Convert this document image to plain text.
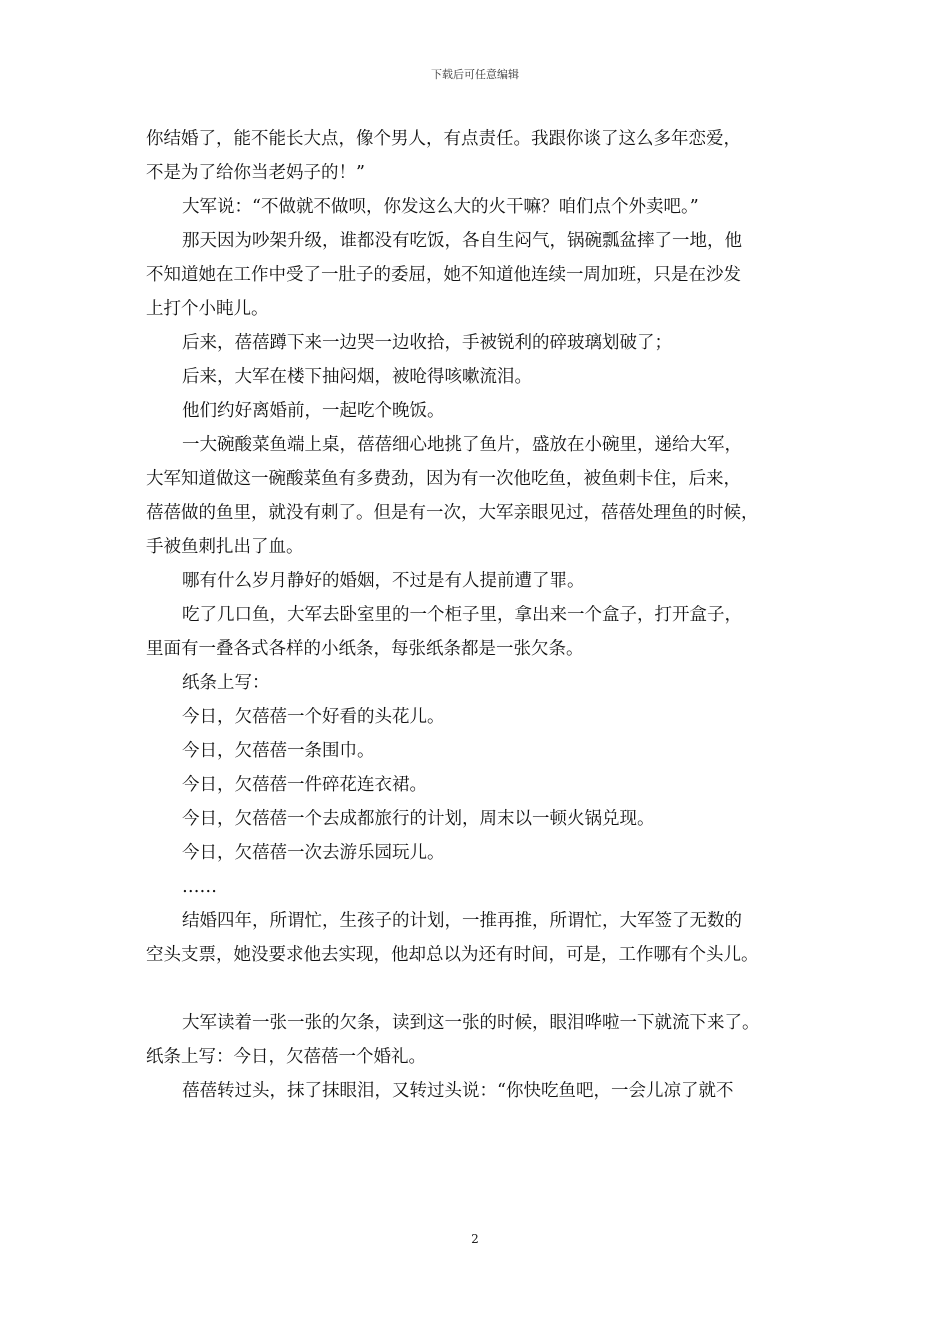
下载后可任意编辑

你结婚了，能不能长大点，像个男人，有点责任。我跟你谈了这么多年恋爱，

不是为了给你当老妈子的！”

大军说：“不做就不做呗，你发这么大的火干嘛？咱们点个外卖吧。”

那天因为吵架升级，谁都没有吃饭，各自生闷气，锅碗瓢盆摔了一地，他

不知道她在工作中受了一肚子的委屈，她不知道他连续一周加班，只是在沙发

上打个小盹儿。

后来，蓓蓓蹲下来一边哭一边收拾，手被锐利的碎玻璃划破了；

后来，大军在楼下抽闷烟，被呛得咳嗽流泪。

他们约好离婚前，一起吃个晚饭。

一大碗酸菜鱼端上桌，蓓蓓细心地挑了鱼片，盛放在小碗里，递给大军，

大军知道做这一碗酸菜鱼有多费劲，因为有一次他吃鱼，被鱼刺卡住，后来，

蓓蓓做的鱼里，就没有刺了。但是有一次，大军亲眼见过，蓓蓓处理鱼的时候，

手被鱼刺扎出了血。

哪有什么岁月静好的婚姻，不过是有人提前遭了罪。

吃了几口鱼，大军去卧室里的一个柜子里，拿出来一个盒子，打开盒子，

里面有一叠各式各样的小纸条，每张纸条都是一张欠条。

纸条上写：

今日，欠蓓蓓一个好看的头花儿。

今日，欠蓓蓓一条围巾。

今日，欠蓓蓓一件碎花连衣裙。

今日，欠蓓蓓一个去成都旅行的计划，周末以一顿火锅兑现。

今日，欠蓓蓓一次去游乐园玩儿。

……

结婚四年，所谓忙，生孩子的计划，一推再推，所谓忙，大军签了无数的

空头支票，她没要求他去实现，他却总以为还有时间，可是，工作哪有个头儿。

大军读着一张一张的欠条，读到这一张的时候，眼泪哗啦一下就流下来了。

纸条上写：今日，欠蓓蓓一个婚礼。

蓓蓓转过头，抹了抹眼泪，又转过头说：“你快吃鱼吧，一会儿凉了就不

2
